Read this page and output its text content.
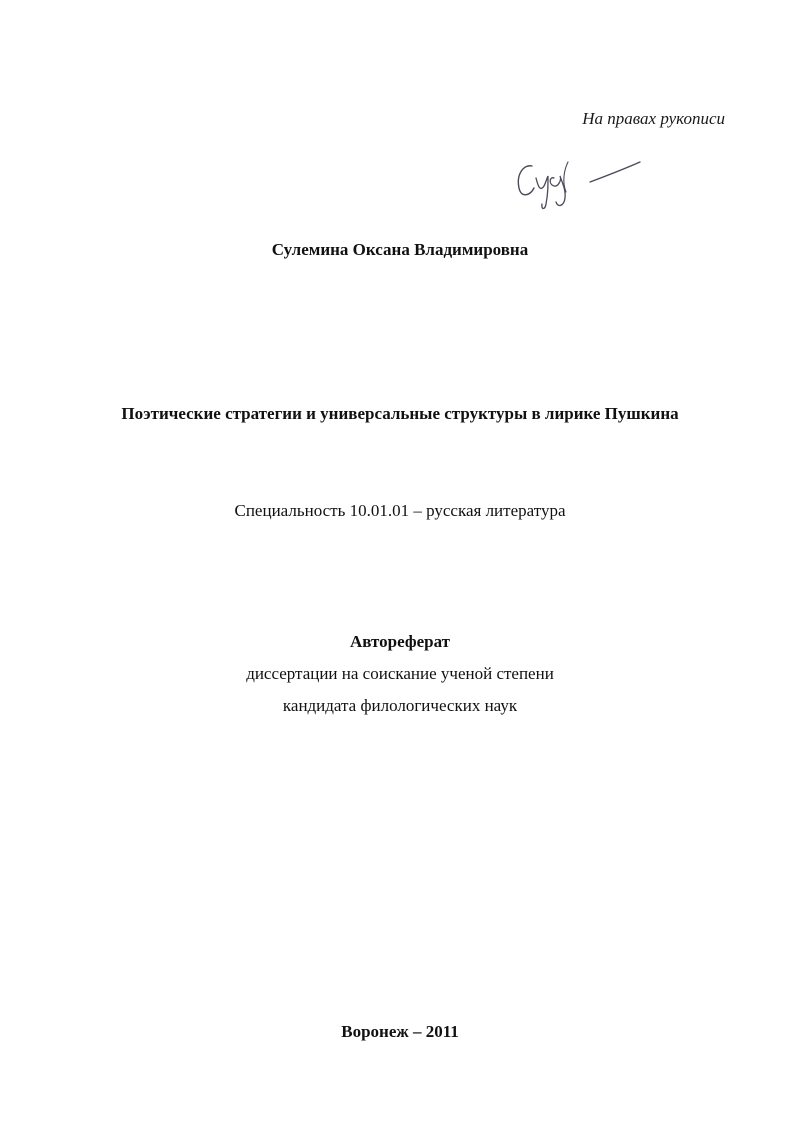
На правах рукописи
Сулемина Оксана Владимировна
Поэтические стратегии и универсальные структуры в лирике Пушкина
Специальность 10.01.01 – русская литература
Автореферат
диссертации на соискание ученой степени
кандидата филологических наук
Воронеж – 2011
